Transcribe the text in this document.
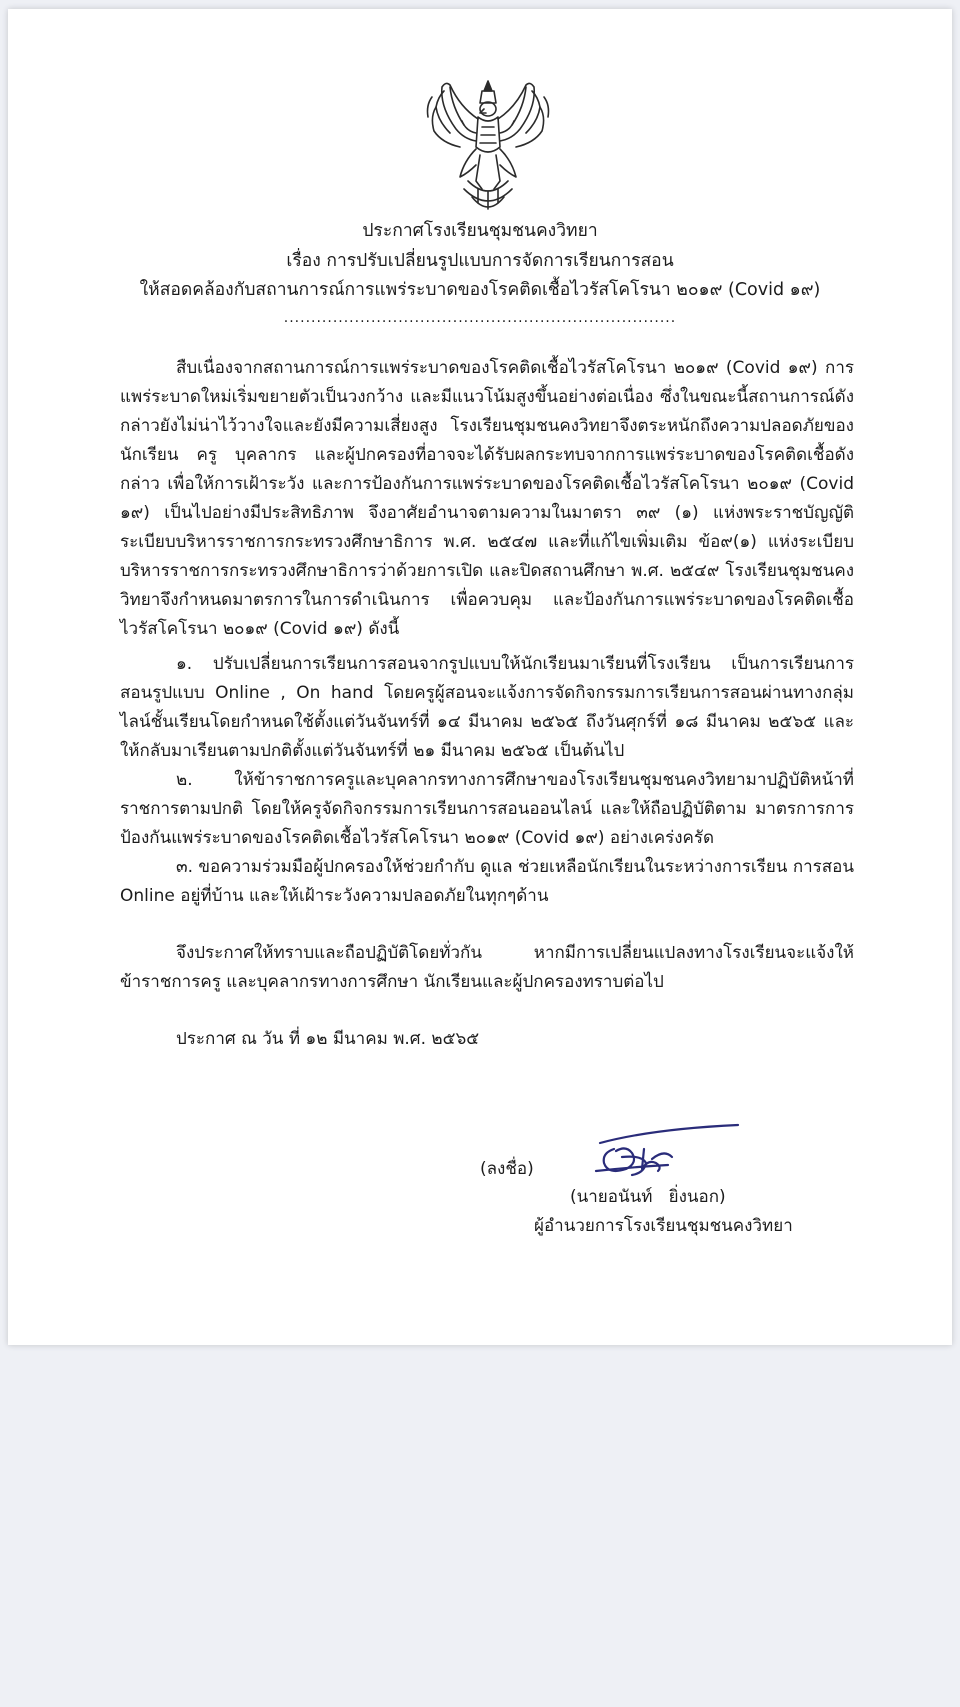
ประกาศโรงเรียนชุมชนคงวิทยา
เรื่อง การปรับเปลี่ยนรูปแบบการจัดการเรียนการสอน
ให้สอดคล้องกับสถานการณ์การแพร่ระบาดของโรคติดเชื้อไวรัสโคโรนา ๒๐๑๙ (Covid ๑๙)
........................................................................
สืบเนื่องจากสถานการณ์การแพร่ระบาดของโรคติดเชื้อไวรัสโคโรนา ๒๐๑๙ (Covid ๑๙) การแพร่ระบาดใหม่เริ่มขยายตัวเป็นวงกว้าง และมีแนวโน้มสูงขึ้นอย่างต่อเนื่อง ซึ่งในขณะนี้สถานการณ์ดังกล่าวยังไม่น่าไว้วางใจและยังมีความเสี่ยงสูง โรงเรียนชุมชนคงวิทยาจึงตระหนักถึงความปลอดภัยของนักเรียน ครู บุคลากร และผู้ปกครองที่อาจจะได้รับผลกระทบจากการแพร่ระบาดของโรคติดเชื้อดังกล่าว เพื่อให้การเฝ้าระวัง และการป้องกันการแพร่ระบาดของโรคติดเชื้อไวรัสโคโรนา ๒๐๑๙ (Covid ๑๙) เป็นไปอย่างมีประสิทธิภาพ จึงอาศัยอำนาจตามความในมาตรา ๓๙ (๑) แห่งพระราชบัญญัติระเบียบบริหารราชการกระทรวงศึกษาธิการ พ.ศ. ๒๕๔๗ และที่แก้ไขเพิ่มเติม ข้อ๙(๑) แห่งระเบียบบริหารราชการกระทรวงศึกษาธิการว่าด้วยการเปิด และปิดสถานศึกษา พ.ศ. ๒๕๔๙ โรงเรียนชุมชนคงวิทยาจึงกำหนดมาตรการในการดำเนินการ เพื่อควบคุม และป้องกันการแพร่ระบาดของโรคติดเชื้อไวรัสโคโรนา ๒๐๑๙ (Covid ๑๙) ดังนี้
๑. ปรับเปลี่ยนการเรียนการสอนจากรูปแบบให้นักเรียนมาเรียนที่โรงเรียน เป็นการเรียนการสอนรูปแบบ Online , On hand โดยครูผู้สอนจะแจ้งการจัดกิจกรรมการเรียนการสอนผ่านทางกลุ่มไลน์ชั้นเรียนโดยกำหนดใช้ตั้งแต่วันจันทร์ที่ ๑๔ มีนาคม ๒๕๖๕ ถึงวันศุกร์ที่ ๑๘ มีนาคม ๒๕๖๕ และให้กลับมาเรียนตามปกติตั้งแต่วันจันทร์ที่ ๒๑ มีนาคม ๒๕๖๕ เป็นต้นไป
๒. ให้ข้าราชการครูและบุคลากรทางการศึกษาของโรงเรียนชุมชนคงวิทยามาปฏิบัติหน้าที่ราชการตามปกติ โดยให้ครูจัดกิจกรรมการเรียนการสอนออนไลน์ และให้ถือปฏิบัติตาม มาตรการการป้องกันแพร่ระบาดของโรคติดเชื้อไวรัสโคโรนา ๒๐๑๙ (Covid ๑๙) อย่างเคร่งครัด
๓. ขอความร่วมมือผู้ปกครองให้ช่วยกำกับ ดูแล ช่วยเหลือนักเรียนในระหว่างการเรียน การสอน Online อยู่ที่บ้าน และให้เฝ้าระวังความปลอดภัยในทุกๆด้าน
จึงประกาศให้ทราบและถือปฏิบัติโดยทั่วกัน หากมีการเปลี่ยนแปลงทางโรงเรียนจะแจ้งให้ข้าราชการครู และบุคลากรทางการศึกษา นักเรียนและผู้ปกครองทราบต่อไป
ประกาศ ณ วัน ที่ ๑๒ มีนาคม พ.ศ. ๒๕๖๕
(ลงชื่อ)
(นายอนันท์   ยิ่งนอก)
ผู้อำนวยการโรงเรียนชุมชนคงวิทยา
